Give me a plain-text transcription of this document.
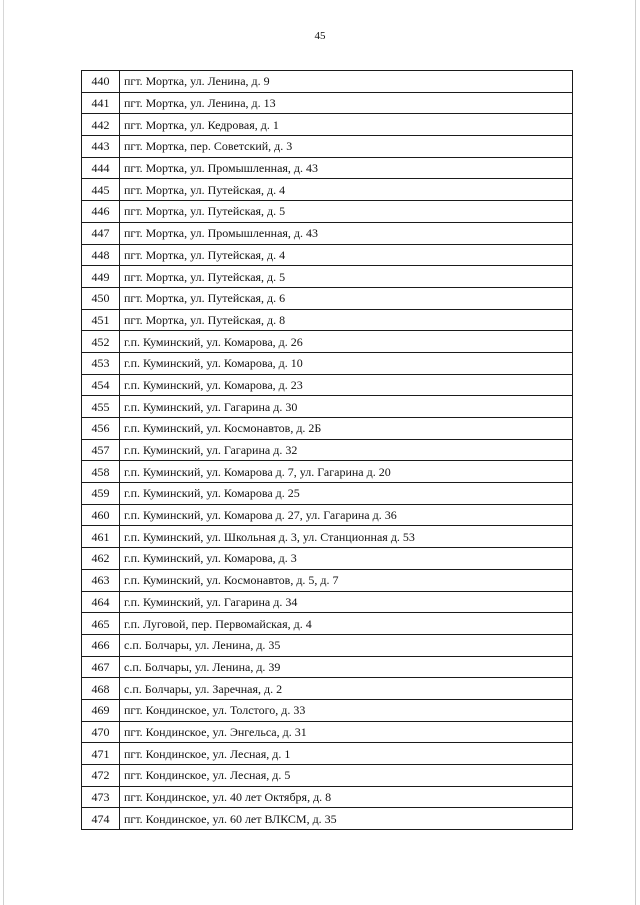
45
440	пгт. Мортка, ул. Ленина, д. 9
441	пгт. Мортка, ул. Ленина, д. 13
442	пгт. Мортка, ул. Кедровая, д. 1
443	пгт. Мортка, пер. Советский, д. 3
444	пгт. Мортка, ул. Промышленная, д. 43
445	пгт. Мортка, ул. Путейская, д. 4
446	пгт. Мортка, ул. Путейская, д. 5
447	пгт. Мортка, ул. Промышленная, д. 43
448	пгт. Мортка, ул. Путейская, д. 4
449	пгт. Мортка, ул. Путейская, д. 5
450	пгт. Мортка, ул. Путейская, д. 6
451	пгт. Мортка, ул. Путейская, д. 8
452	г.п. Куминский, ул. Комарова, д. 26
453	г.п. Куминский, ул. Комарова, д. 10
454	г.п. Куминский, ул. Комарова, д. 23
455	г.п. Куминский, ул. Гагарина д. 30
456	г.п. Куминский, ул. Космонавтов, д. 2Б
457	г.п. Куминский, ул. Гагарина д. 32
458	г.п. Куминский, ул. Комарова д. 7, ул. Гагарина д. 20
459	г.п. Куминский, ул. Комарова д. 25
460	г.п. Куминский, ул. Комарова д. 27, ул. Гагарина д. 36
461	г.п. Куминский, ул. Школьная д. 3, ул. Станционная д. 53
462	г.п. Куминский, ул. Комарова, д. 3
463	г.п. Куминский, ул. Космонавтов, д. 5, д. 7
464	г.п. Куминский, ул. Гагарина д. 34
465	г.п. Луговой, пер. Первомайская, д. 4
466	с.п. Болчары, ул. Ленина, д. 35
467	с.п. Болчары, ул. Ленина, д. 39
468	с.п. Болчары, ул. Заречная, д. 2
469	пгт. Кондинское, ул. Толстого, д. 33
470	пгт. Кондинское, ул. Энгельса, д. 31
471	пгт. Кондинское, ул. Лесная, д. 1
472	пгт. Кондинское, ул. Лесная, д. 5
473	пгт. Кондинское, ул. 40 лет Октября, д. 8
474	пгт. Кондинское, ул. 60 лет ВЛКСМ, д. 35
